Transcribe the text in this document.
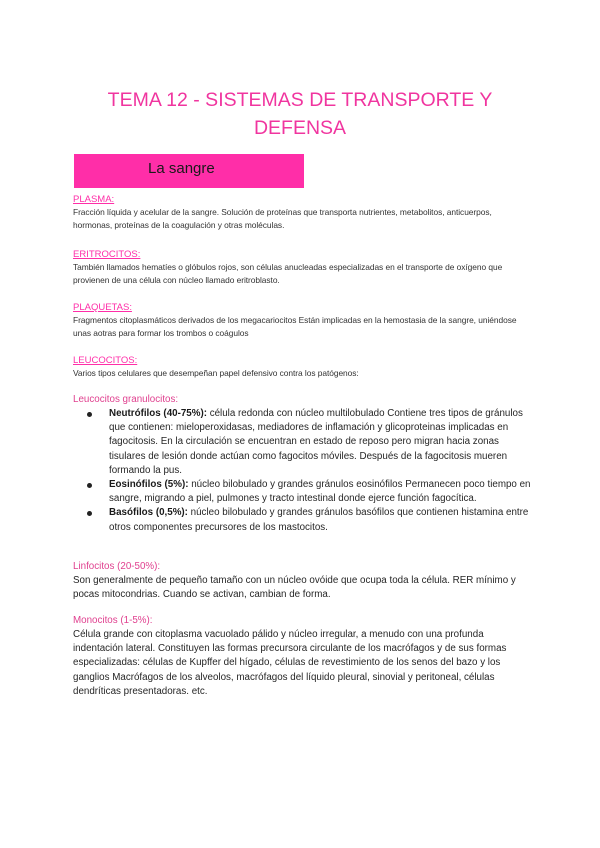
TEMA 12 - SISTEMAS DE TRANSPORTE Y DEFENSA
La sangre
PLASMA:
Fracción líquida y acelular de la sangre. Solución de proteínas que transporta nutrientes, metabolitos, anticuerpos, hormonas, proteínas de la coagulación y otras moléculas.
ERITROCITOS:
También llamados hematíes o glóbulos rojos, son células anucleadas especializadas en el transporte de oxígeno que provienen de una célula con núcleo llamado eritroblasto.
PLAQUETAS:
Fragmentos citoplasmáticos derivados de los megacariocitos Están implicadas en la hemostasia de la sangre, uniéndose unas aotras para formar los trombos o coágulos
LEUCOCITOS:
Varios tipos celulares que desempeñan papel defensivo contra los patógenos:
Leucocitos granulocitos:
Neutrófilos (40-75%): célula redonda con núcleo multilobulado Contiene tres tipos de gránulos que contienen: mieloperoxidasas, mediadores de inflamación y glicoproteinas implicadas en fagocitosis. En la circulación se encuentran en estado de reposo pero migran hacia zonas tisulares de lesión donde actúan como fagocitos móviles. Después de la fagocitosis mueren formando la pus.
Eosinófilos (5%): núcleo bilobulado y grandes gránulos eosinófilos Permanecen poco tiempo en sangre, migrando a piel, pulmones y tracto intestinal donde ejerce función fagocítica.
Basófilos (0,5%): núcleo bilobulado y grandes gránulos basófilos que contienen histamina entre otros componentes precursores de los mastocitos.
Linfocitos (20-50%):
Son generalmente de pequeño tamaño con un núcleo ovóide que ocupa toda la célula. RER mínimo y pocas mitocondrias. Cuando se activan, cambian de forma.
Monocitos (1-5%):
Célula grande con citoplasma vacuolado pálido y núcleo irregular, a menudo con una profunda indentación lateral. Constituyen las formas precursora circulante de los macrófagos y de sus formas especializadas: células de Kupffer del hígado, células de revestimiento de los senos del bazo y los ganglios Macrófagos de los alveolos, macrófagos del líquido pleural, sinovial y peritoneal, células dendríticas presentadoras. etc.
